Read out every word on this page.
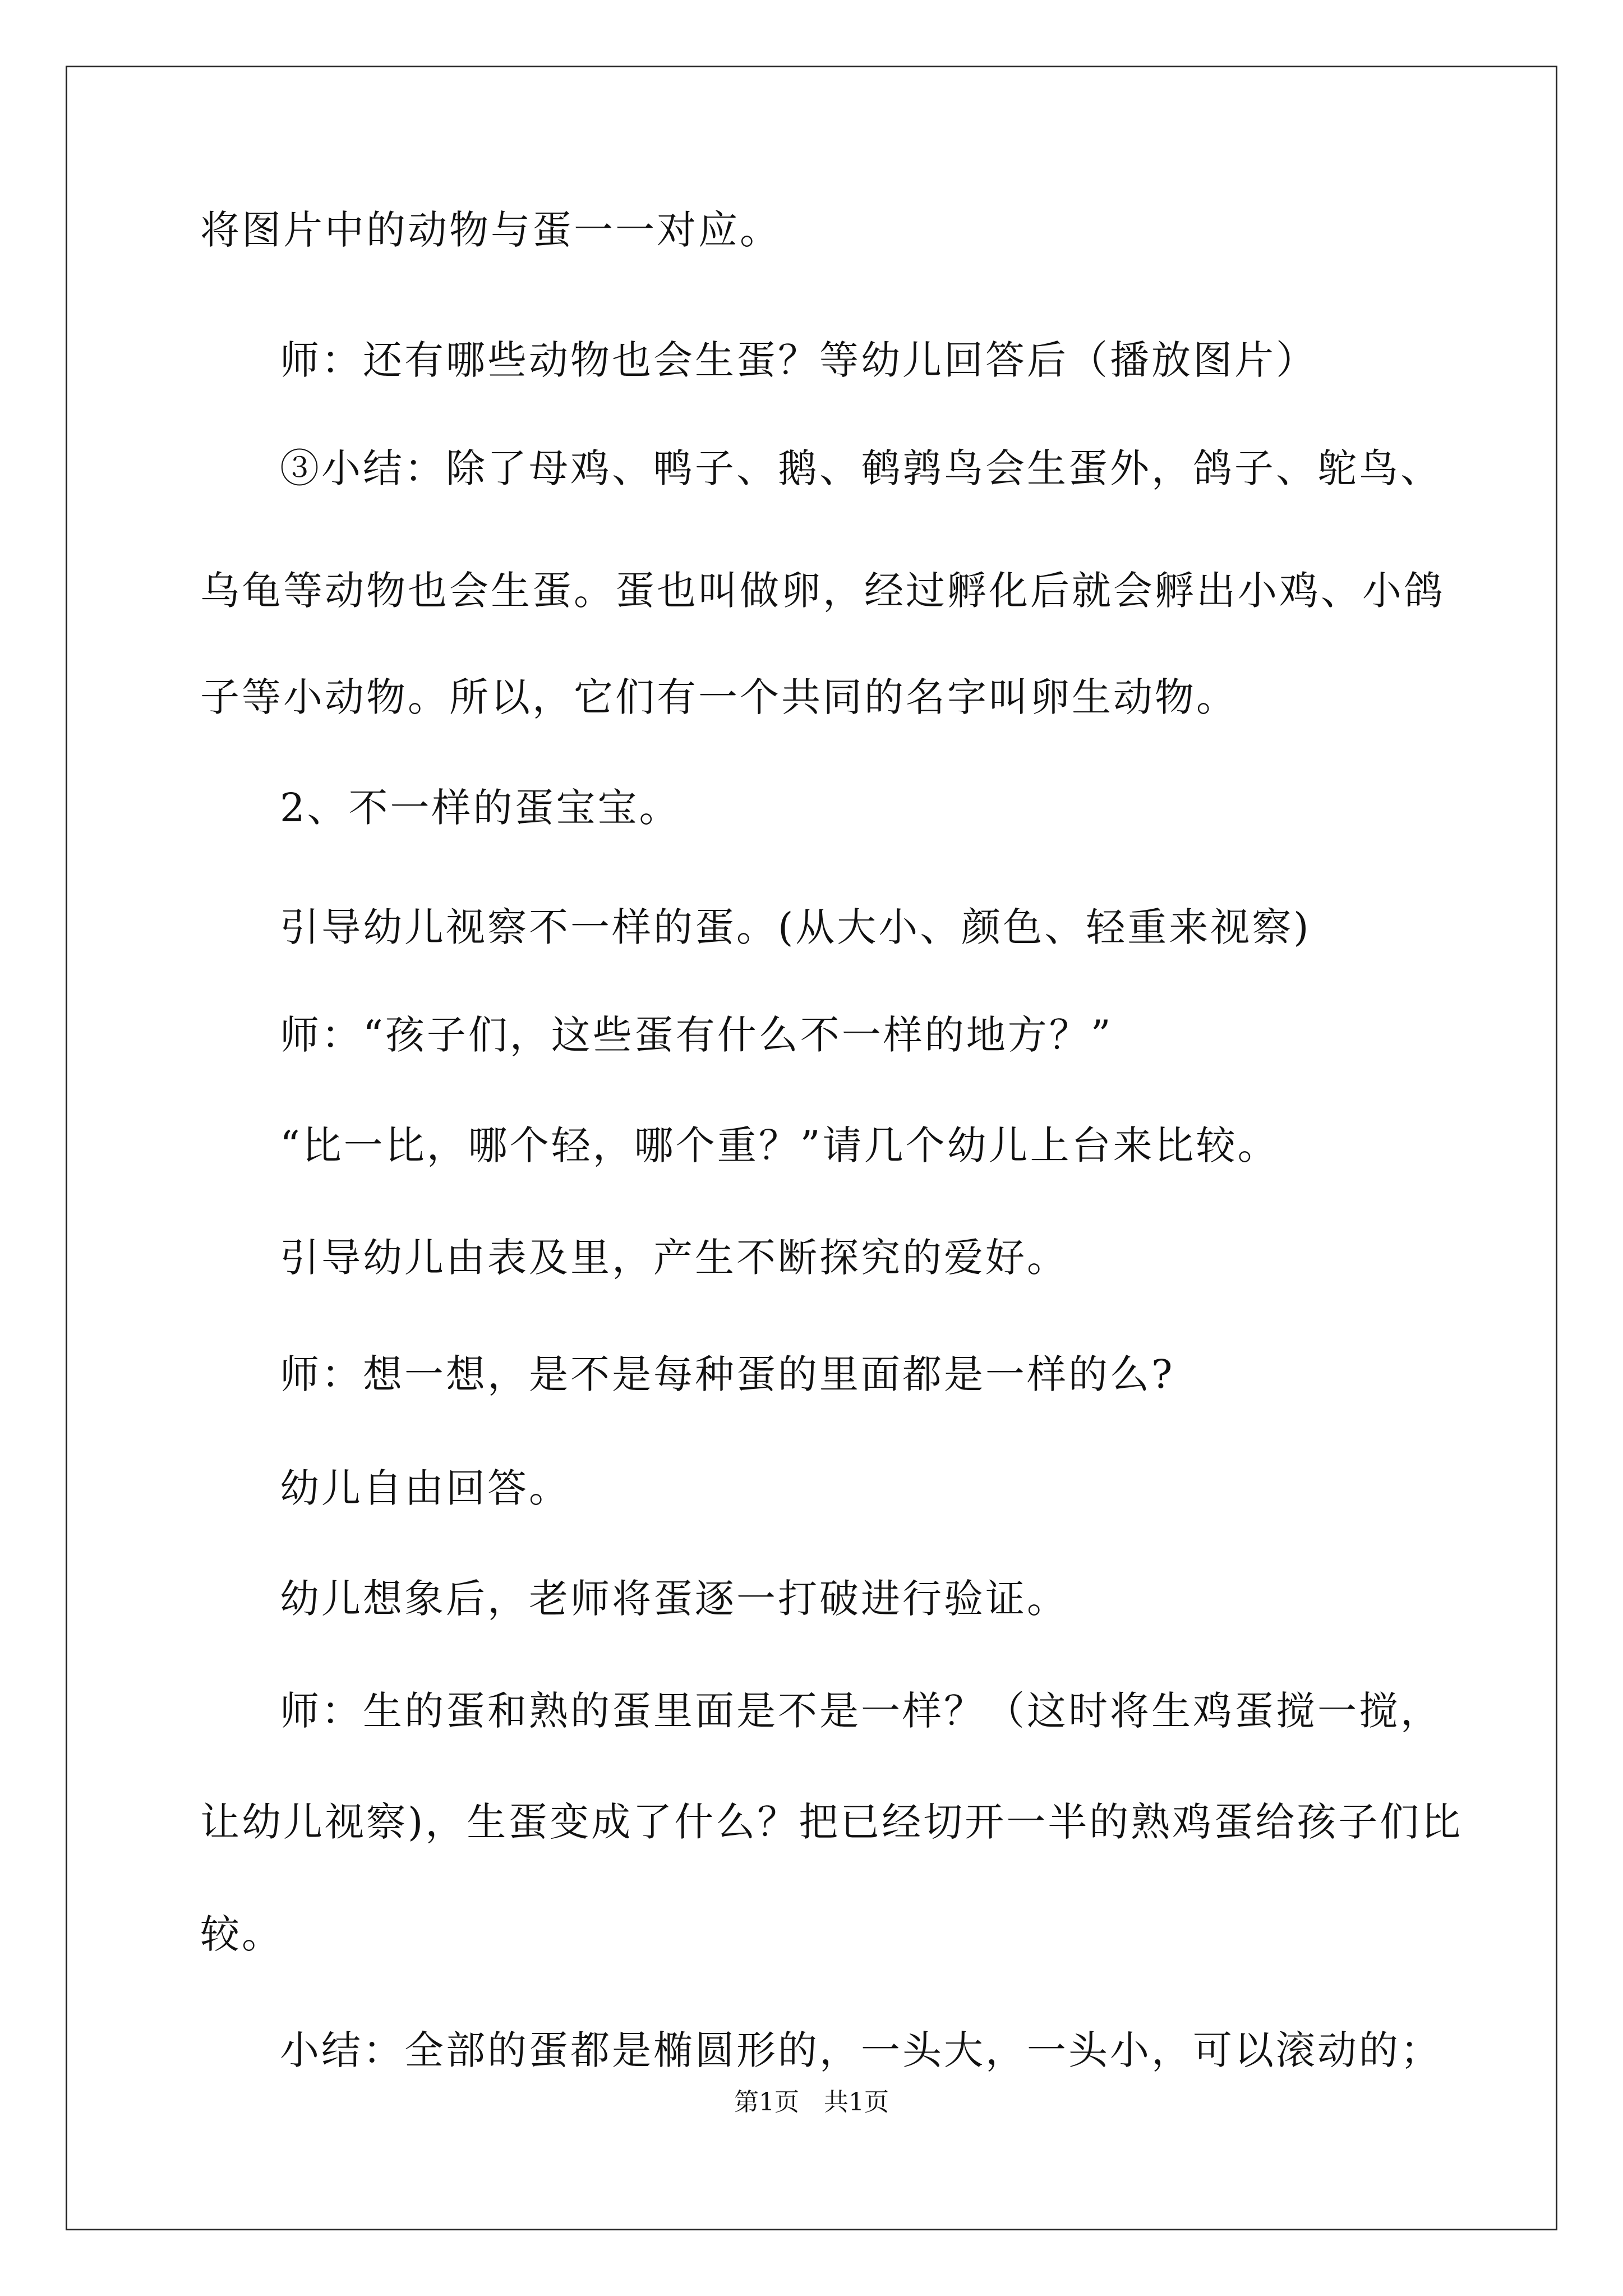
将图片中的动物与蛋一一对应。
师：还有哪些动物也会生蛋？等幼儿回答后（播放图片）
③小结：除了母鸡、鸭子、鹅、鹌鹑鸟会生蛋外，鸽子、鸵鸟、
乌龟等动物也会生蛋。蛋也叫做卵，经过孵化后就会孵出小鸡、小鸽
子等小动物。所以，它们有一个共同的名字叫卵生动物。
2、不一样的蛋宝宝。
引导幼儿视察不一样的蛋。(从大小、颜色、轻重来视察)
师：“孩子们，这些蛋有什么不一样的地方？”
“比一比，哪个轻，哪个重？”请几个幼儿上台来比较。
引导幼儿由表及里，产生不断探究的爱好。
师：想一想，是不是每种蛋的里面都是一样的么?
幼儿自由回答。
幼儿想象后，老师将蛋逐一打破进行验证。
师：生的蛋和熟的蛋里面是不是一样？（这时将生鸡蛋搅一搅，
让幼儿视察)，生蛋变成了什么？把已经切开一半的熟鸡蛋给孩子们比
较。
小结：全部的蛋都是椭圆形的，一头大，一头小，可以滚动的；
第1页　共1页
